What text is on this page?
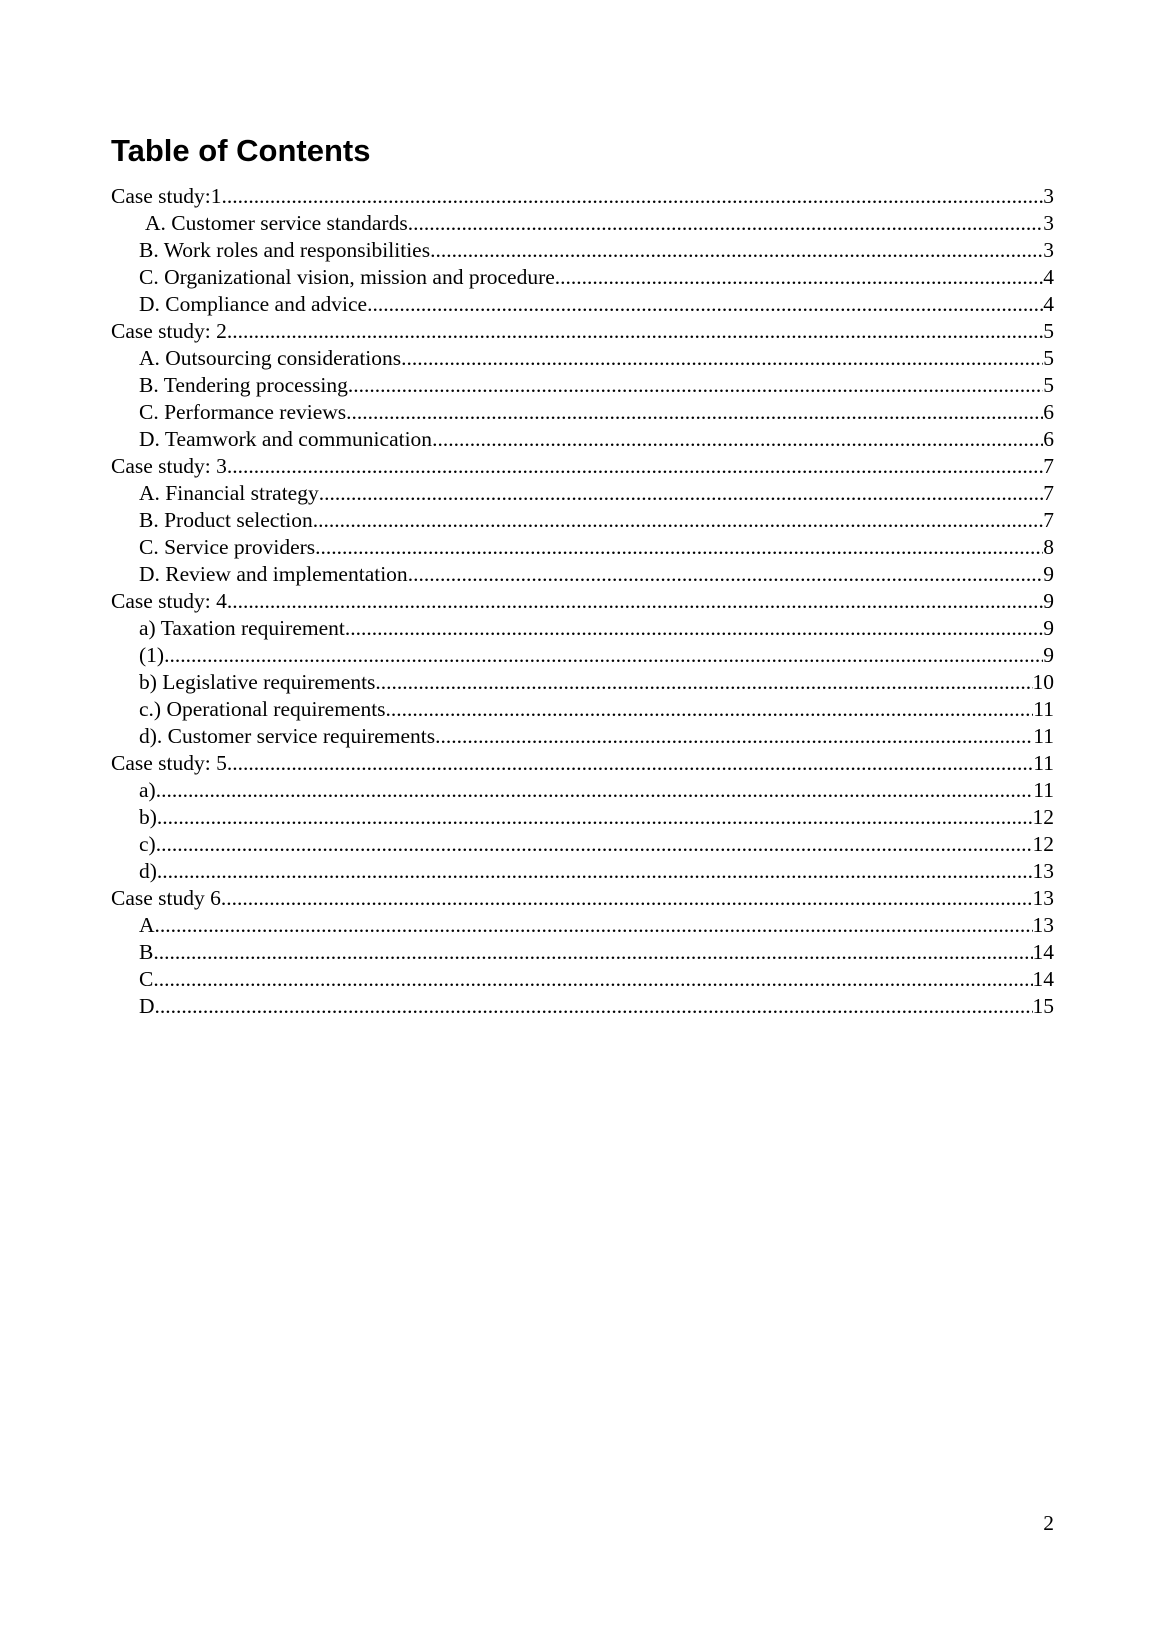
Table of Contents
Case study:1 .....	3
A. Customer service standards .....	3
B. Work roles and responsibilities .....	3
C. Organizational vision, mission and procedure .....	4
D. Compliance and advice .....	4
Case study: 2 .....	5
A. Outsourcing considerations .....	5
B. Tendering processing .....	5
C. Performance reviews .....	6
D. Teamwork and communication .....	6
Case study: 3 .....	7
A. Financial strategy .....	7
B. Product selection .....	7
C. Service providers .....	8
D. Review and implementation .....	9
Case study: 4 .....	9
a) Taxation requirement .....	9
(1) .....	9
b) Legislative requirements .....	10
c.) Operational requirements .....	11
d). Customer service requirements .....	11
Case study: 5 .....	11
a) .....	11
b) .....	12
c) .....	12
d) .....	13
Case study 6 .....	13
A. .....	13
B. .....	14
C. .....	14
D. .....	15
2
